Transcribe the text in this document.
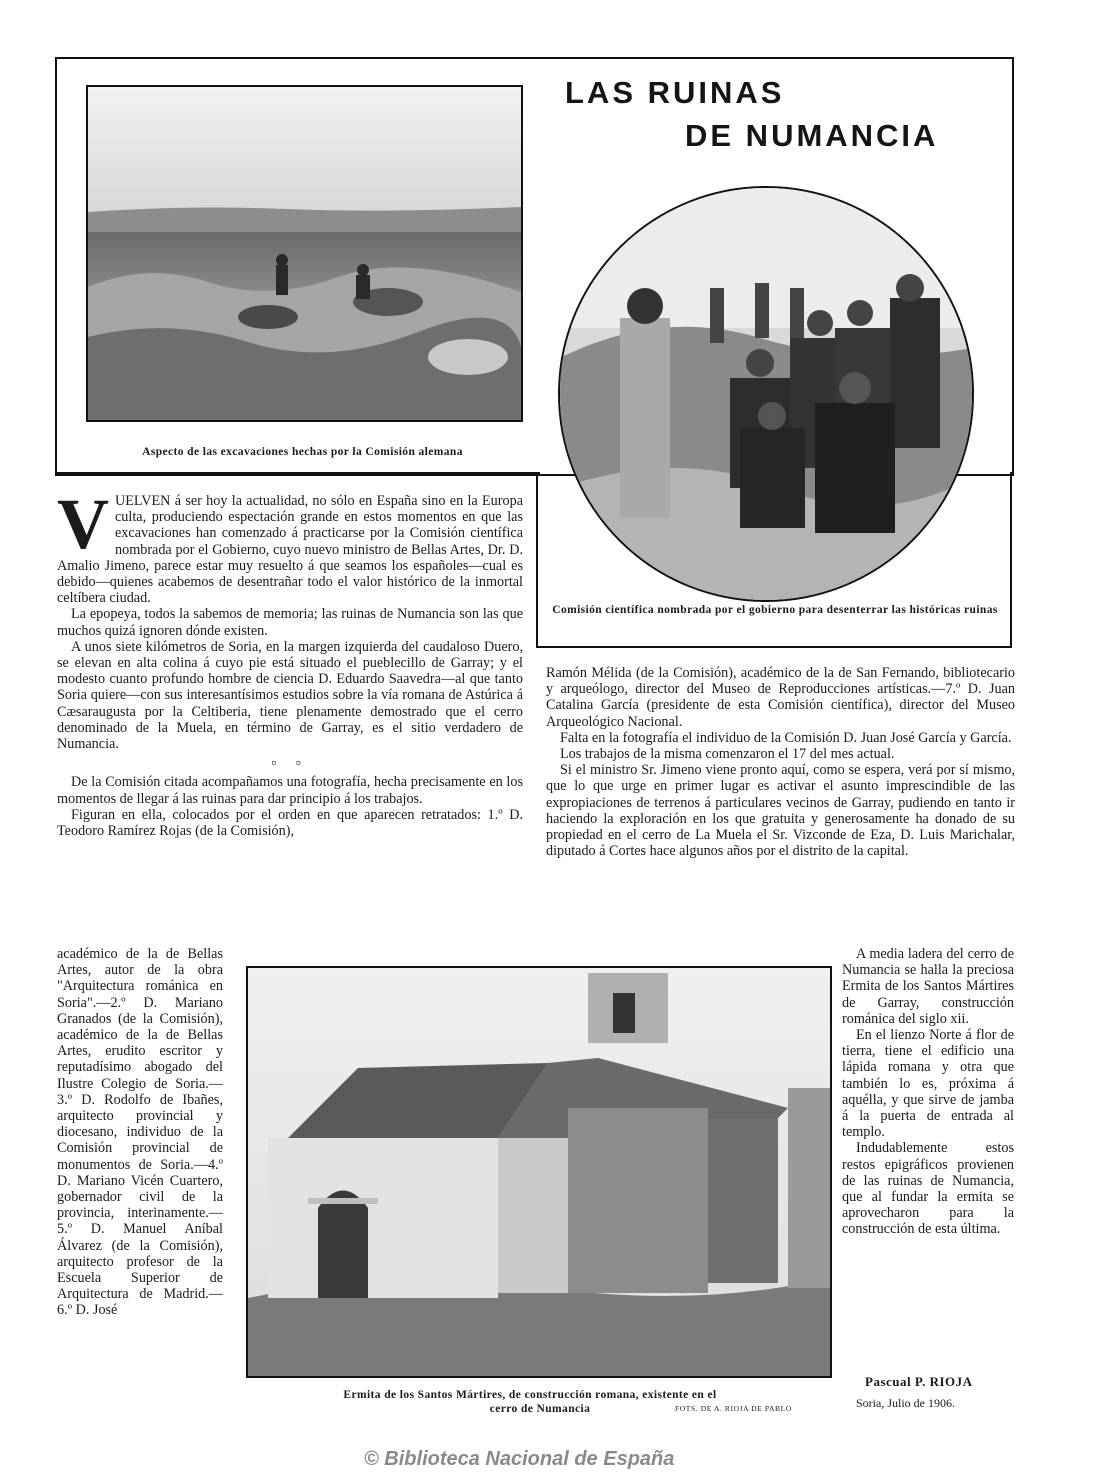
LAS RUINAS
DE NUMANCIA
Aspecto de las excavaciones hechas por la Comisión alemana
Comisión científica nombrada por el gobierno para desenterrar las históricas ruinas
V UELVEN á ser hoy la actualidad, no sólo en España sino en la Europa culta, produciendo espectación grande en estos momentos en que las excavaciones han comenzado á practicarse por la Comisión científica nombrada por el Gobierno, cuyo nuevo ministro de Bellas Artes, Dr. D. Amalio Jimeno, parece estar muy resuelto á que seamos los españoles—cual es debido—quienes acabemos de desentrañar todo el valor histórico de la inmortal celtíbera ciudad.

La epopeya, todos la sabemos de memoria; las ruinas de Numancia son las que muchos quizá ignoren dónde existen.

A unos siete kilómetros de Soria, en la margen izquierda del caudaloso Duero, se elevan en alta colina á cuyo pie está situado el pueblecillo de Garray; y el modesto cuanto profundo hombre de ciencia D. Eduardo Saavedra—al que tanto Soria quiere—con sus interesantísimos estudios sobre la vía romana de Astúrica á Cæsaraugusta por la Celtiberia, tiene plenamente demostrado que el cerro denominado de la Muela, en término de Garray, es el sitio verdadero de Numancia.

▫ ▫

De la Comisión citada acompañamos una fotografía, hecha precisamente en los momentos de llegar á las ruinas para dar principio á los trabajos.

Figuran en ella, colocados por el orden en que aparecen retratados: 1.º D. Teodoro Ramírez Rojas (de la Comisión),

académico de la de Bellas Artes, autor de la obra "Arquitectura románica en Soria".—2.º D. Mariano Granados (de la Comisión), académico de la de Bellas Artes, erudito escritor y reputadísimo abogado del Ilustre Colegio de Soria.—3.º D. Rodolfo de Ibañes, arquitecto provincial y diocesano, individuo de la Comisión provincial de monumentos de Soria.—4.º D. Mariano Vicén Cuartero, gobernador civil de la provincia, interinamente.—5.º D. Manuel Aníbal Álvarez (de la Comisión), arquitecto profesor de la Escuela Superior de Arquitectura de Madrid.—6.º D. José

Ramón Mélida (de la Comisión), académico de la de San Fernando, bibliotecario y arqueólogo, director del Museo de Reproducciones artísticas.—7.º D. Juan Catalina García (presidente de esta Comisión científica), director del Museo Arqueológico Nacional.

Falta en la fotografía el individuo de la Comisión D. Juan José García y García.

Los trabajos de la misma comenzaron el 17 del mes actual.

Si el ministro Sr. Jimeno viene pronto aquí, como se espera, verá por sí mismo, que lo que urge en primer lugar es activar el asunto imprescindible de las expropiaciones de terrenos á particulares vecinos de Garray, pudiendo en tanto ir haciendo la exploración en los que gratuita y generosamente ha donado de su propiedad en el cerro de La Muela el Sr. Vizconde de Eza, D. Luis Marichalar, diputado á Cortes hace algunos años por el distrito de la capital.

Ermita de los Santos Mártires, de construcción romana, existente en el
cerro de Numancia	FOTS. DE A. RIOJA DE PABLO

A media ladera del cerro de Numancia se halla la preciosa Ermita de los Santos Mártires de Garray, construcción románica del siglo xii.

En el lienzo Norte á flor de tierra, tiene el edificio una lápida romana y otra que también lo es, próxima á aquélla, y que sirve de jamba á la puerta de entrada al templo.

Indudablemente estos restos epigráficos provienen de las ruinas de Numancia, que al fundar la ermita se aprovecharon para la construcción de esta última.

Pascual P. RIOJA
Soria, Julio de 1906.
© Biblioteca Nacional de España
